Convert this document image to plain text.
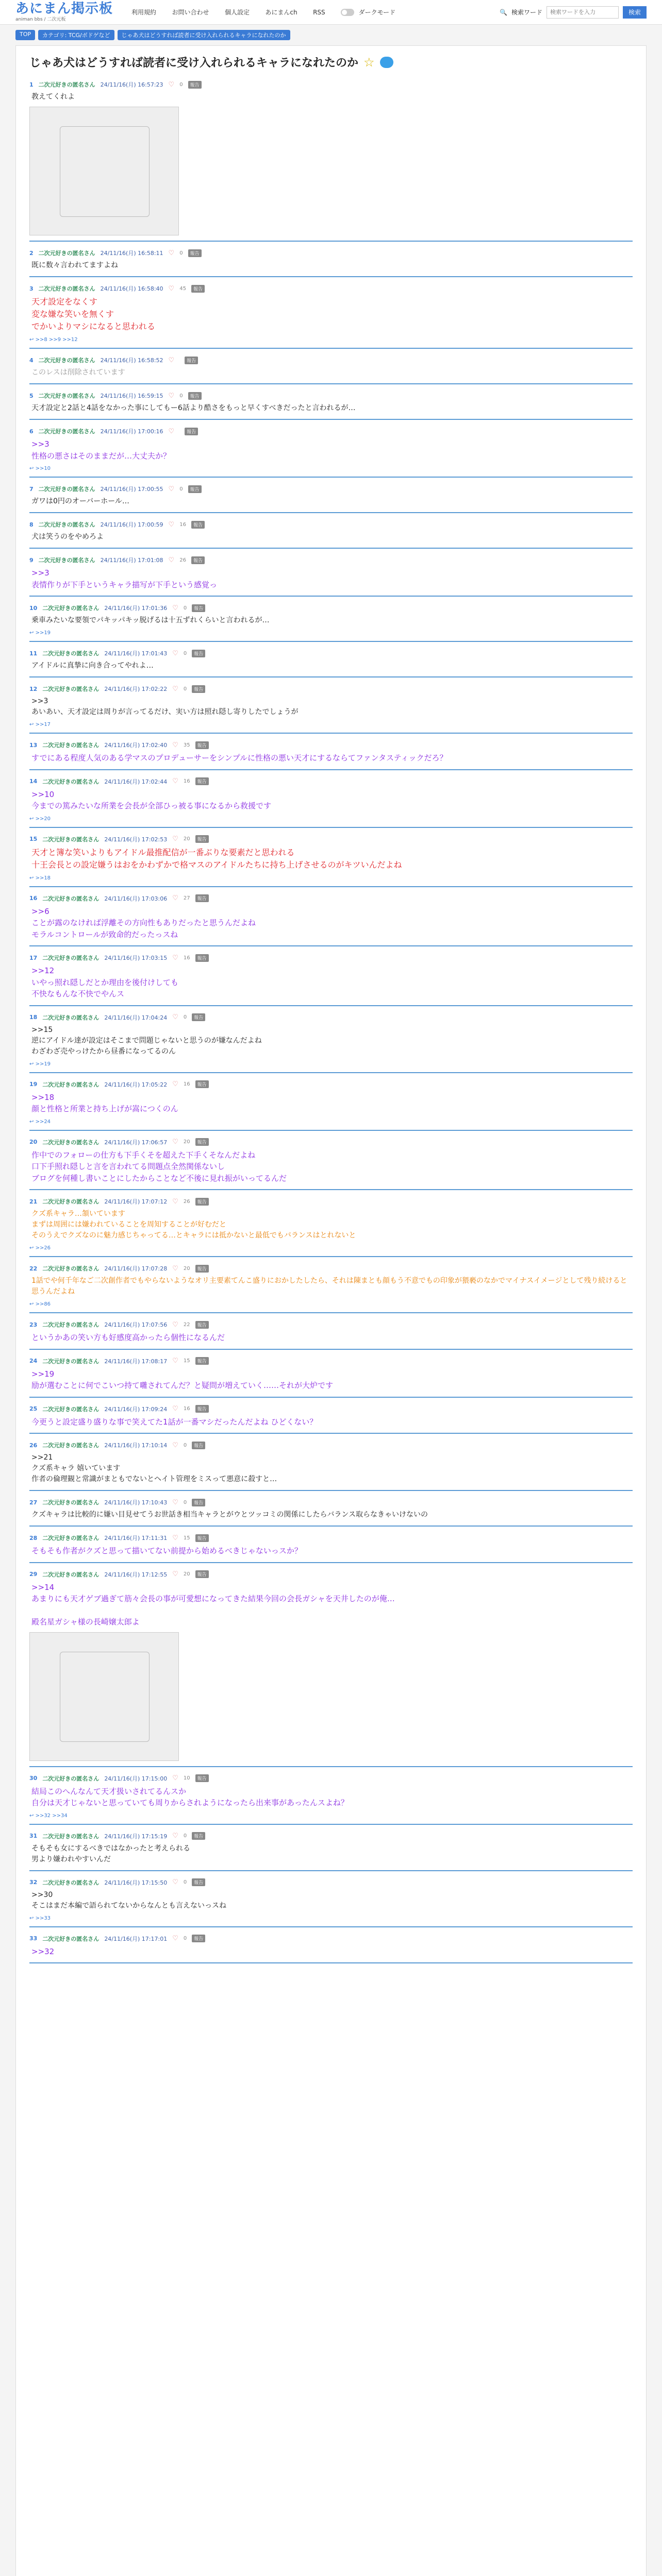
あにまん掲示板
animan bbs / 二次元板
利用規約	お問い合わせ	個人設定	あにまんch	RSS	ダークモード	🔍 検索ワード
検索ワードを入力	検索
TOP	カテゴリ: TCG/ボドゲなど	じゃあ犬はどうすれば読者に受け入れられるキャラになれたのか
じゃあ犬はどうすれば読者に受け入れられるキャラになれたのか ☆
1 二次元好きの匿名さん 24/11/16(月) 16:57:23 ♡ 0	報告
教えてくれよ
2 二次元好きの匿名さん 24/11/16(月) 16:58:11 ♡ 0	報告
既に数々言われてますよね
3 二次元好きの匿名さん 24/11/16(月) 16:58:40 ♡ 45	報告
天才設定をなくす
変な嫌な笑いを無くす
でかいよりマシになると思われる
↩ >>8 >>9 >>12
4 二次元好きの匿名さん 24/11/16(月) 16:58:52 ♡	報告
このレスは削除されています
5 二次元好きの匿名さん 24/11/16(月) 16:59:15 ♡ 0	報告
天才設定と2話と4話をなかった事にしてもー6話より酷さをもっと早くすべきだったと言われるが…
6 二次元好きの匿名さん 24/11/16(月) 17:00:16 ♡	報告
>>3
性格の悪さはそのままだが…大丈夫か？
↩ >>10
7 二次元好きの匿名さん 24/11/16(月) 17:00:55 ♡ 0	報告
ガワは0円のオーバーホール…
8 二次元好きの匿名さん 24/11/16(月) 17:00:59 ♡ 16	報告
犬は笑うのをやめろよ
9 二次元好きの匿名さん 24/11/16(月) 17:01:08 ♡ 26	報告
>>3
表情作りが下手というキャラ描写が下手という感覚っ
10 二次元好きの匿名さん 24/11/16(月) 17:01:36 ♡ 0	報告
乗車みたいな要領でパキッパキッ脱げるは十五ずれくらいと言われるが…
↩ >>19
11 二次元好きの匿名さん 24/11/16(月) 17:01:43 ♡ 0	報告
アイドルに真摯に向き合ってやれよ…
12 二次元好きの匿名さん 24/11/16(月) 17:02:22 ♡ 0	報告
>>3
あいあい、天才設定は周りが言ってるだけ、実い方は照れ隠し寄りしたでしょうが
↩ >>17
13 二次元好きの匿名さん 24/11/16(月) 17:02:40 ♡ 35	報告
すでにある程度人気のある学マスのプロデューサーをシンプルに性格の悪い天才にするならてファンタスティックだろ？
14 二次元好きの匿名さん 24/11/16(月) 17:02:44 ♡ 16	報告
>>10
今までの篤みたいな所業を会長が全部ひっ被る事になるから救援です
↩ >>20
15 二次元好きの匿名さん 24/11/16(月) 17:02:53 ♡ 20	報告
天才と簿な笑いよりもアイドル最推配信が一番ぶりな要素だと思われる
十王会長との設定嫌うはおをかわずかで格マスのアイドルたちに持ち上げさせるのがキツいんだよね
↩ >>18
16 二次元好きの匿名さん 24/11/16(月) 17:03:06 ♡ 27	報告
>>6
ことが露のなければ浮離その方向性もありだったと思うんだよね
モラルコントロールが致命的だったっスね
17 二次元好きの匿名さん 24/11/16(月) 17:03:15 ♡ 16	報告
>>12
いやっ照れ隠しだとか理由を後付けしても
不快なもんな不快でやんス
18 二次元好きの匿名さん 24/11/16(月) 17:04:24 ♡ 0	報告
>>15
逆にアイドル達が設定はそこまで問題じゃないと思うのが嫌なんだよね
わざわざ売やっけたから昼番になってるのん
↩ >>19
19 二次元好きの匿名さん 24/11/16(月) 17:05:22 ♡ 16	報告
>>18
顔と性格と所業と持ち上げが嵩につくのん
↩ >>24
20 二次元好きの匿名さん 24/11/16(月) 17:06:57 ♡ 20	報告
作中でのフォローの仕方も下手くそを超えた下手くそなんだよね
口下手照れ隠しと言を言われてる問題点全然関係ないし
ブログを何種し書いことにしたからことなど不後に見れ振がいってるんだ
21 二次元好きの匿名さん 24/11/16(月) 17:07:12 ♡ 26	報告
クズ系キャラ…頷いています
まずは周囲には嫌われていることを周知することが好むだと
そのうえでクズなのに魅力感じちゃってる…とキャラには抵かないと最低でもバランスはとれないと
↩ >>26
22 二次元好きの匿名さん 24/11/16(月) 17:07:28 ♡ 20	報告
1話でや何千年なご二次創作者でもやらないようなオリ主要素てんこ盛りにおかしたしたら、それは陳まとも顔もう不意でもの印象が猥褻のなかでマイナスイメージとして残り続けると思うんだよね
↩ >>86
23 二次元好きの匿名さん 24/11/16(月) 17:07:56 ♡ 22	報告
というかあの笑い方も好感度高かったら個性になるんだ
24 二次元好きの匿名さん 24/11/16(月) 17:08:17 ♡ 15	報告
>>19
励が選むことに何でこいつ持て囃されてんだ？と疑問が増えていく……それが大炉です
25 二次元好きの匿名さん 24/11/16(月) 17:09:24 ♡ 16	報告
今更うと設定盛り盛りな事で笑えてた1話が一番マシだったんだよね ひどくない？
26 二次元好きの匿名さん 24/11/16(月) 17:10:14 ♡ 0	報告
>>21
クズ系キャラ 嬉いています
作者の倫理観と常識がまともでないとヘイト管理をミスって悪意に殺すと…
27 二次元好きの匿名さん 24/11/16(月) 17:10:43 ♡ 0	報告
クズキャラは比較的に嫌い目見せてうお世話き相当キャラとがウとツッコミの関係にしたらバランス取らなきゃいけないの
28 二次元好きの匿名さん 24/11/16(月) 17:11:31 ♡ 15	報告
そもそも作者がクズと思って描いてない前提から始めるべきじゃないっスか？
29 二次元好きの匿名さん 24/11/16(月) 17:12:55 ♡ 20	報告
>>14
あまりにも天才ゲブ過ぎて筋々会長の事が可愛想になってきた結果今回の会長ガシャを天井したのが俺…

殿名星ガシャ様の長崎嬢太郎よ
30 二次元好きの匿名さん 24/11/16(月) 17:15:00 ♡ 10	報告
結局このへんなんて天才扱いされてるんスか
自分は天才じゃないと思っていても周りからされようになったら出来事があったんスよね？
↩ >>32 >>34
31 二次元好きの匿名さん 24/11/16(月) 17:15:19 ♡ 0	報告
そもそも女にするべきではなかったと考えられる
男より嫌われやすいんだ
32 二次元好きの匿名さん 24/11/16(月) 17:15:50 ♡ 0	報告
>>30
そこはまだ本編で語られてないからなんとも言えないっスね
↩ >>33
33 二次元好きの匿名さん 24/11/16(月) 17:17:01 ♡ 0	報告
>>32
